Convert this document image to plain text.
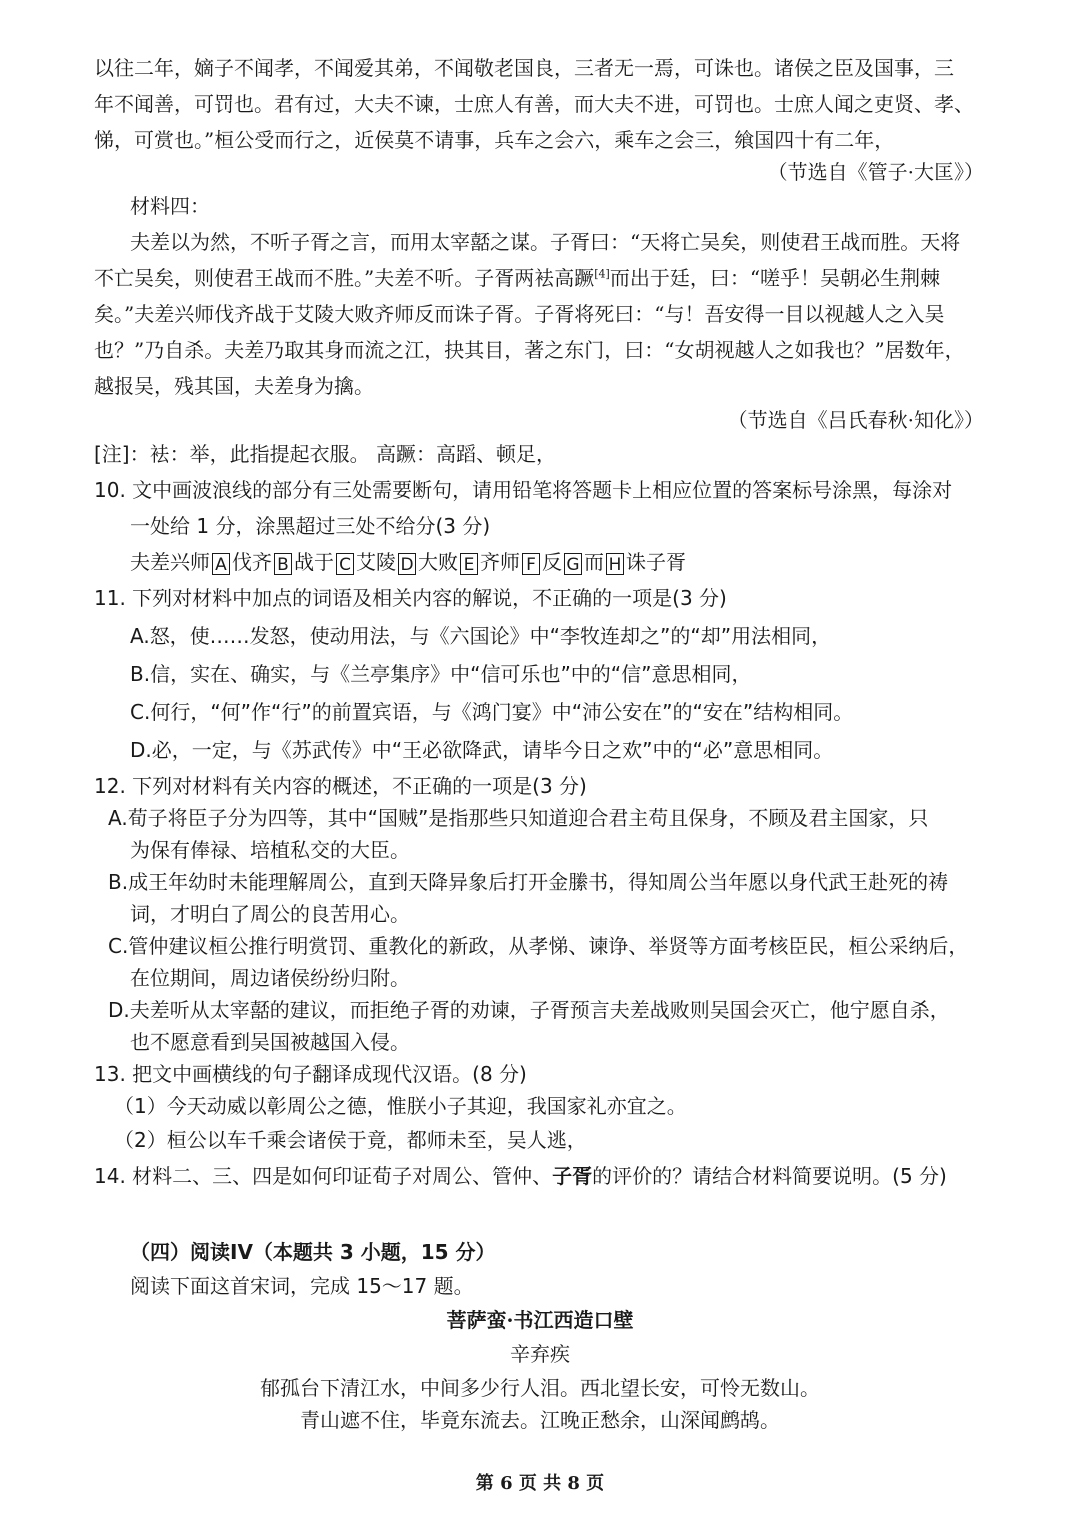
以往二年，嫡子不闻孝，不闻爱其弟，不闻敬老国良，三者无一焉，可诛也。诸侯之臣及国事，三
年不闻善，可罚也。君有过，大夫不谏，士庶人有善，而大夫不进，可罚也。士庶人闻之吏贤、孝、
悌，可赏也。”桓公受而行之，近侯莫不请事，兵车之会六，乘车之会三，飨国四十有二年，
（节选自《管子·大匡》）
材料四：
夫差以为然，不听子胥之言，而用太宰嚭之谋。子胥曰：“天将亡吴矣，则使君王战而胜。天将
不亡吴矣，则使君王战而不胜。”夫差不听。子胥两袪高蹶[4]而出于廷，曰：“嗟乎！吴朝必生荆棘
矣。”夫差兴师伐齐战于艾陵大败齐师反而诛子胥。子胥将死曰：“与！吾安得一目以视越人之入吴
也？”乃自杀。夫差乃取其身而流之江，抉其目，著之东门，曰：“女胡视越人之如我也？”居数年，
越报吴，残其国，夫差身为擒。
（节选自《吕氏春秋·知化》）
[注]：袪：举，此指提起衣服。 高蹶：高蹈、顿足，
10. 文中画波浪线的部分有三处需要断句，请用铅笔将答题卡上相应位置的答案标号涂黑，每涂对
一处给 1 分，涂黑超过三处不给分(3 分)
夫差兴师 A 伐齐 B 战于 C 艾陵 D 大败 E 齐师 F 反 G 而 H 诛子胥
11. 下列对材料中加点的词语及相关内容的解说，不正确的一项是(3 分)
A.怒，使……发怒，使动用法，与《六国论》中“李牧连却之”的“却”用法相同，
B.信，实在、确实，与《兰亭集序》中“信可乐也”中的“信”意思相同，
C.何行，“何”作“行”的前置宾语，与《鸿门宴》中“沛公安在”的“安在”结构相同。
D.必，一定，与《苏武传》中“王必欲降武，请毕今日之欢”中的“必”意思相同。
12. 下列对材料有关内容的概述，不正确的一项是(3 分)
A.荀子将臣子分为四等，其中“国贼”是指那些只知道迎合君主苟且保身，不顾及君主国家，只
为保有俸禄、培植私交的大臣。
B.成王年幼时未能理解周公，直到天降异象后打开金縢书，得知周公当年愿以身代武王赴死的祷
词，才明白了周公的良苦用心。
C.管仲建议桓公推行明赏罚、重教化的新政，从孝悌、谏诤、举贤等方面考核臣民，桓公采纳后，
在位期间，周边诸侯纷纷归附。
D.夫差听从太宰嚭的建议，而拒绝子胥的劝谏，子胥预言夫差战败则吴国会灭亡，他宁愿自杀，
也不愿意看到吴国被越国入侵。
13. 把文中画横线的句子翻译成现代汉语。(8 分)
（1）今天动威以彰周公之德，惟朕小子其迎，我国家礼亦宜之。
（2）桓公以车千乘会诸侯于竟，都师未至，吴人逃，
14. 材料二、三、四是如何印证荀子对周公、管仲、子胥的评价的？请结合材料简要说明。(5 分)
（四）阅读IV（本题共 3 小题，15 分）
阅读下面这首宋词，完成 15～17 题。
菩萨蛮·书江西造口壁
辛弃疾
郁孤台下清江水，中间多少行人泪。西北望长安，可怜无数山。
青山遮不住，毕竟东流去。江晚正愁余，山深闻鹧鸪。
第 6 页 共 8 页
